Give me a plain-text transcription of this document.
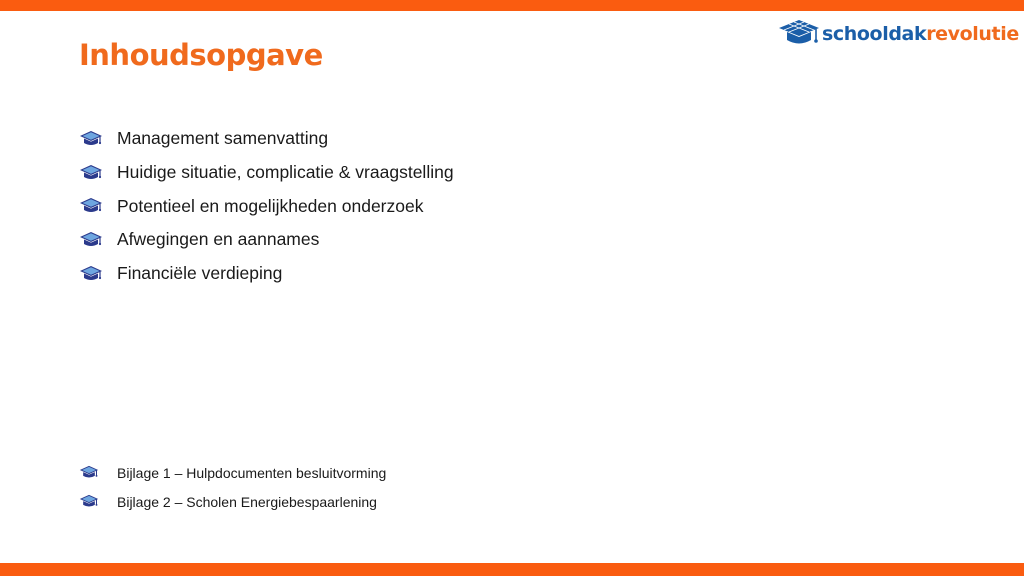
Inhoudsopgave
schooldakrevolutie
Management samenvatting
Huidige situatie, complicatie & vraagstelling
Potentieel en mogelijkheden onderzoek
Afwegingen en aannames
Financiële verdieping
Bijlage 1 – Hulpdocumenten besluitvorming
Bijlage 2 – Scholen Energiebespaarlening
